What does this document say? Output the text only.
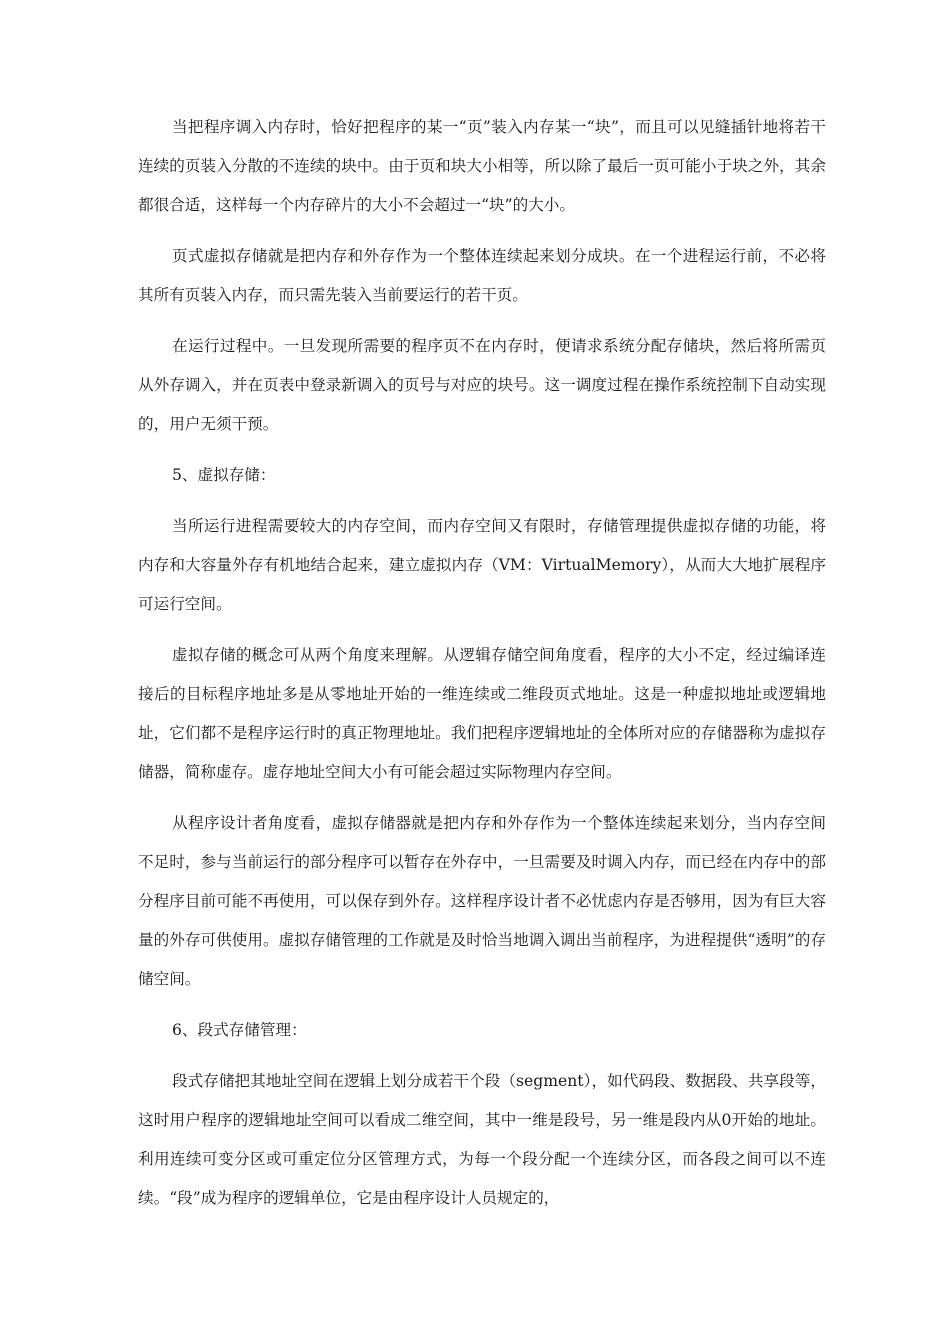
当把程序调入内存时，恰好把程序的某一“页”装入内存某一“块”，而且可以见缝插针地将若干连续的页装入分散的不连续的块中。由于页和块大小相等，所以除了最后一页可能小于块之外，其余都很合适，这样每一个内存碎片的大小不会超过一“块”的大小。

页式虚拟存储就是把内存和外存作为一个整体连续起来划分成块。在一个进程运行前，不必将其所有页装入内存，而只需先装入当前要运行的若干页。

在运行过程中。一旦发现所需要的程序页不在内存时，便请求系统分配存储块，然后将所需页从外存调入，并在页表中登录新调入的页号与对应的块号。这一调度过程在操作系统控制下自动实现的，用户无须干预。

5、虚拟存储：

当所运行进程需要较大的内存空间，而内存空间又有限时，存储管理提供虚拟存储的功能，将内存和大容量外存有机地结合起来，建立虚拟内存（VM：VirtualMemory），从而大大地扩展程序可运行空间。

虚拟存储的概念可从两个角度来理解。从逻辑存储空间角度看，程序的大小不定，经过编译连接后的目标程序地址多是从零地址开始的一维连续或二维段页式地址。这是一种虚拟地址或逻辑地址，它们都不是程序运行时的真正物理地址。我们把程序逻辑地址的全体所对应的存储器称为虚拟存储器，简称虚存。虚存地址空间大小有可能会超过实际物理内存空间。

从程序设计者角度看，虚拟存储器就是把内存和外存作为一个整体连续起来划分，当内存空间不足时，参与当前运行的部分程序可以暂存在外存中，一旦需要及时调入内存，而已经在内存中的部分程序目前可能不再使用，可以保存到外存。这样程序设计者不必忧虑内存是否够用，因为有巨大容量的外存可供使用。虚拟存储管理的工作就是及时恰当地调入调出当前程序，为进程提供“透明”的存储空间。

6、段式存储管理：

段式存储把其地址空间在逻辑上划分成若干个段（segment），如代码段、数据段、共享段等，这时用户程序的逻辑地址空间可以看成二维空间，其中一维是段号，另一维是段内从0开始的地址。利用连续可变分区或可重定位分区管理方式，为每一个段分配一个连续分区，而各段之间可以不连续。“段”成为程序的逻辑单位，它是由程序设计人员规定的，
